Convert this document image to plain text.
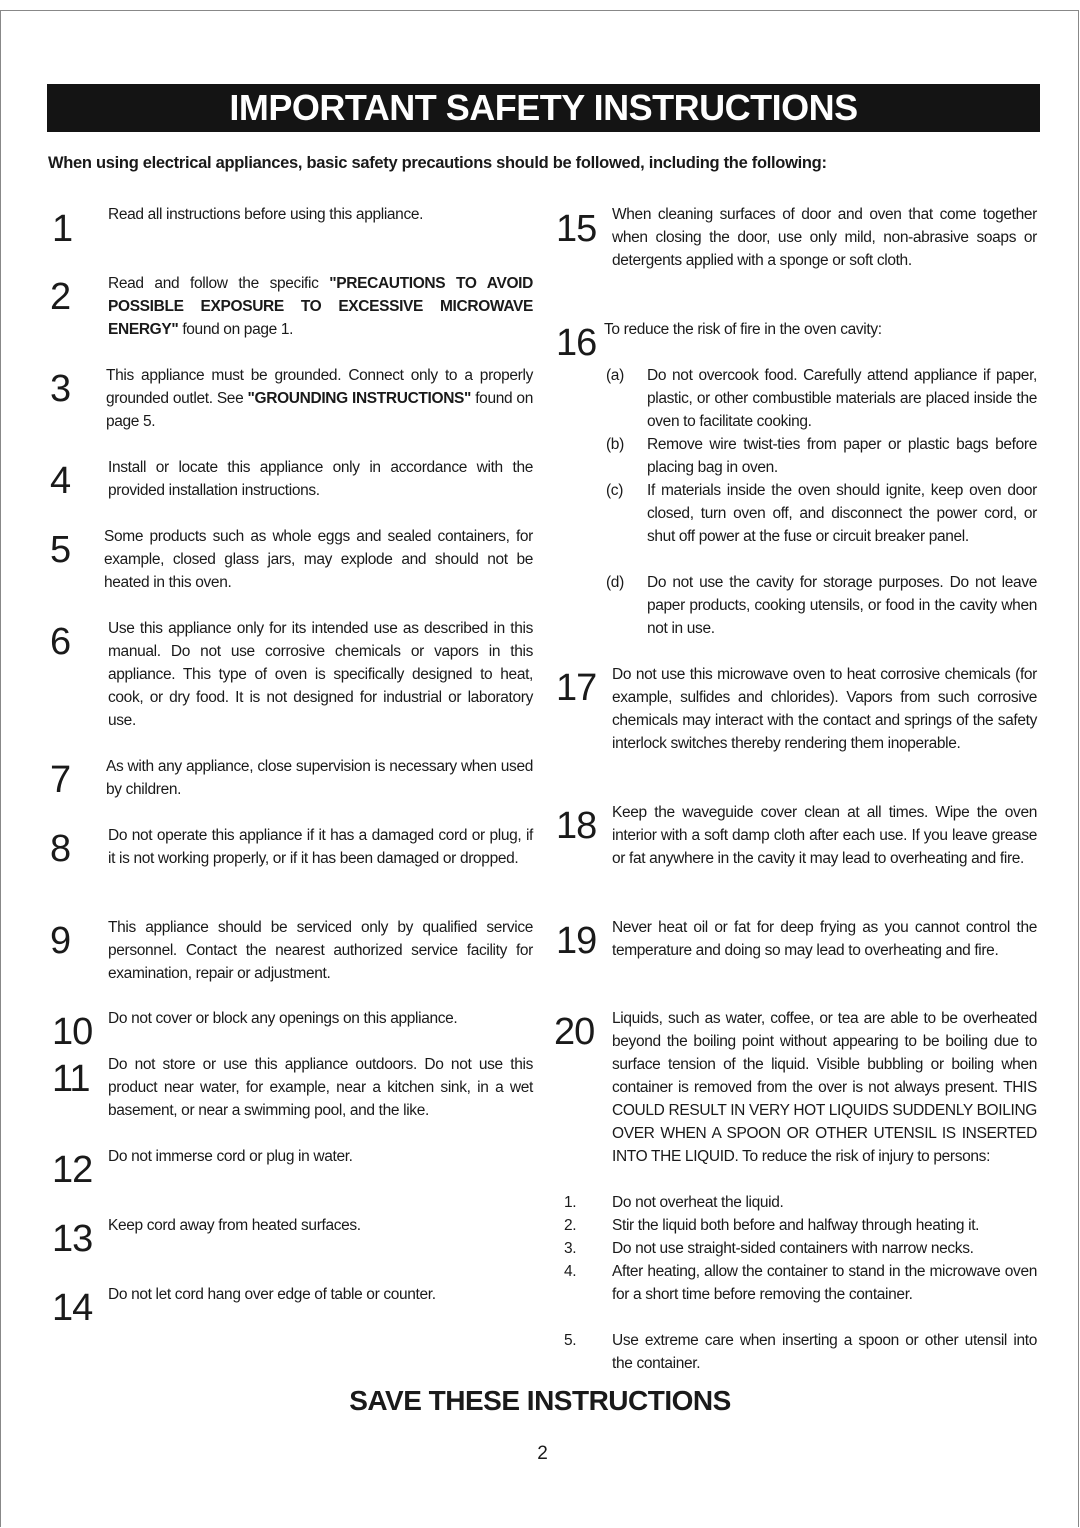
IMPORTANT SAFETY INSTRUCTIONS
When using electrical appliances, basic safety precautions should be followed, including the following:
1 Read all instructions before using this appliance.
2 Read and follow the specific "PRECAUTIONS TO AVOID POSSIBLE EXPOSURE TO EXCESSIVE MICROWAVE ENERGY" found on page 1.
3 This appliance must be grounded. Connect only to a properly grounded outlet. See "GROUNDING INSTRUCTIONS" found on page 5.
4 Install or locate this appliance only in accordance with the provided installation instructions.
5 Some products such as whole eggs and sealed containers, for example, closed glass jars, may explode and should not be heated in this oven.
6 Use this appliance only for its intended use as described in this manual. Do not use corrosive chemicals or vapors in this appliance. This type of oven is specifically designed to heat, cook, or dry food. It is not designed for industrial or laboratory use.
7 As with any appliance, close supervision is necessary when used by children.
8 Do not operate this appliance if it has a damaged cord or plug, if it is not working properly, or if it has been damaged or dropped.
9 This appliance should be serviced only by qualified service personnel. Contact the nearest authorized service facility for examination, repair or adjustment.
10 Do not cover or block any openings on this appliance.
11 Do not store or use this appliance outdoors. Do not use this product near water, for example, near a kitchen sink, in a wet basement, or near a swimming pool, and the like.
12 Do not immerse cord or plug in water.
13 Keep cord away from heated surfaces.
14 Do not let cord hang over edge of table or counter.
15 When cleaning surfaces of door and oven that come together when closing the door, use only mild, non-abrasive soaps or detergents applied with a sponge or soft cloth.
16 To reduce the risk of fire in the oven cavity:
(a) Do not overcook food. Carefully attend appliance if paper, plastic, or other combustible materials are placed inside the oven to facilitate cooking.
(b) Remove wire twist-ties from paper or plastic bags before placing bag in oven.
(c) If materials inside the oven should ignite, keep oven door closed, turn oven off, and disconnect the power cord, or shut off power at the fuse or circuit breaker panel.
(d) Do not use the cavity for storage purposes. Do not leave paper products, cooking utensils, or food in the cavity when not in use.
17 Do not use this microwave oven to heat corrosive chemicals (for example, sulfides and chlorides). Vapors from such corrosive chemicals may interact with the contact and springs of the safety interlock switches thereby rendering them inoperable.
18 Keep the waveguide cover clean at all times. Wipe the oven interior with a soft damp cloth after each use. If you leave grease or fat anywhere in the cavity it may lead to overheating and fire.
19 Never heat oil or fat for deep frying as you cannot control the temperature and doing so may lead to overheating and fire.
20 Liquids, such as water, coffee, or tea are able to be overheated beyond the boiling point without appearing to be boiling due to surface tension of the liquid. Visible bubbling or boiling when container is removed from the over is not always present. THIS COULD RESULT IN VERY HOT LIQUIDS SUDDENLY BOILING OVER WHEN A SPOON OR OTHER UTENSIL IS INSERTED INTO THE LIQUID. To reduce the risk of injury to persons:
1. Do not overheat the liquid.
2. Stir the liquid both before and halfway through heating it.
3. Do not use straight-sided containers with narrow necks.
4. After heating, allow the container to stand in the microwave oven for a short time before removing the container.
5. Use extreme care when inserting a spoon or other utensil into the container.
SAVE THESE INSTRUCTIONS
2
